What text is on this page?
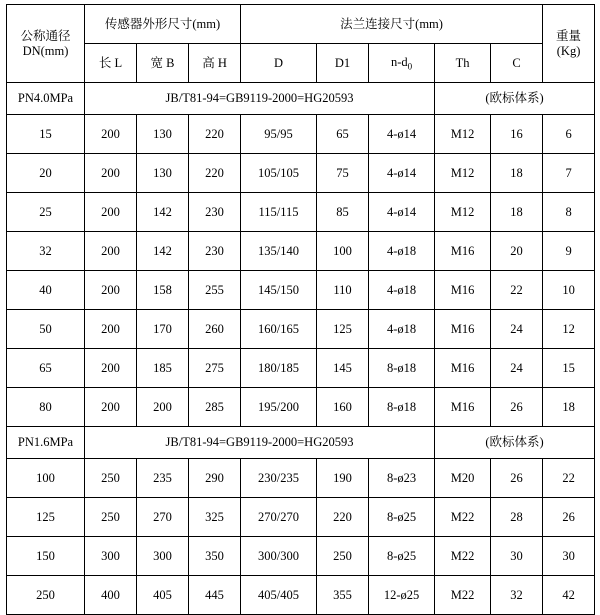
公称通径
DN(mm)	传感器外形尺寸(mm)			法兰连接尺寸(mm)					重量
(Kg)

	长 L	宽 B	高 H	D	D1	$n-d_0$	Th	C	
PN4.0MPa	JB/T81-94=GB9119-2000=HG20593						(欧标体系)		
15	200	130	220	95/95	65	4-ø14	M12	16	6
20	200	130	220	105/105	75	4-ø14	M12	18	7
25	200	142	230	115/115	85	4-ø14	M12	18	8
32	200	142	230	135/140	100	4-ø18	M16	20	9
40	200	158	255	145/150	110	4-ø18	M16	22	10
50	200	170	260	160/165	125	4-ø18	M16	24	12
65	200	185	275	180/185	145	8-ø18	M16	24	15
80	200	200	285	195/200	160	8-ø18	M16	26	18
PN1.6MPa	JB/T81-94=GB9119-2000=HG20593						(欧标体系)		
100	250	235	290	230/235	190	8-ø23	M20	26	22
125	250	270	325	270/270	220	8-ø25	M22	28	26
150	300	300	350	300/300	250	8-ø25	M22	30	30
250	400	405	445	405/405	355	12-ø25	M22	32	42
